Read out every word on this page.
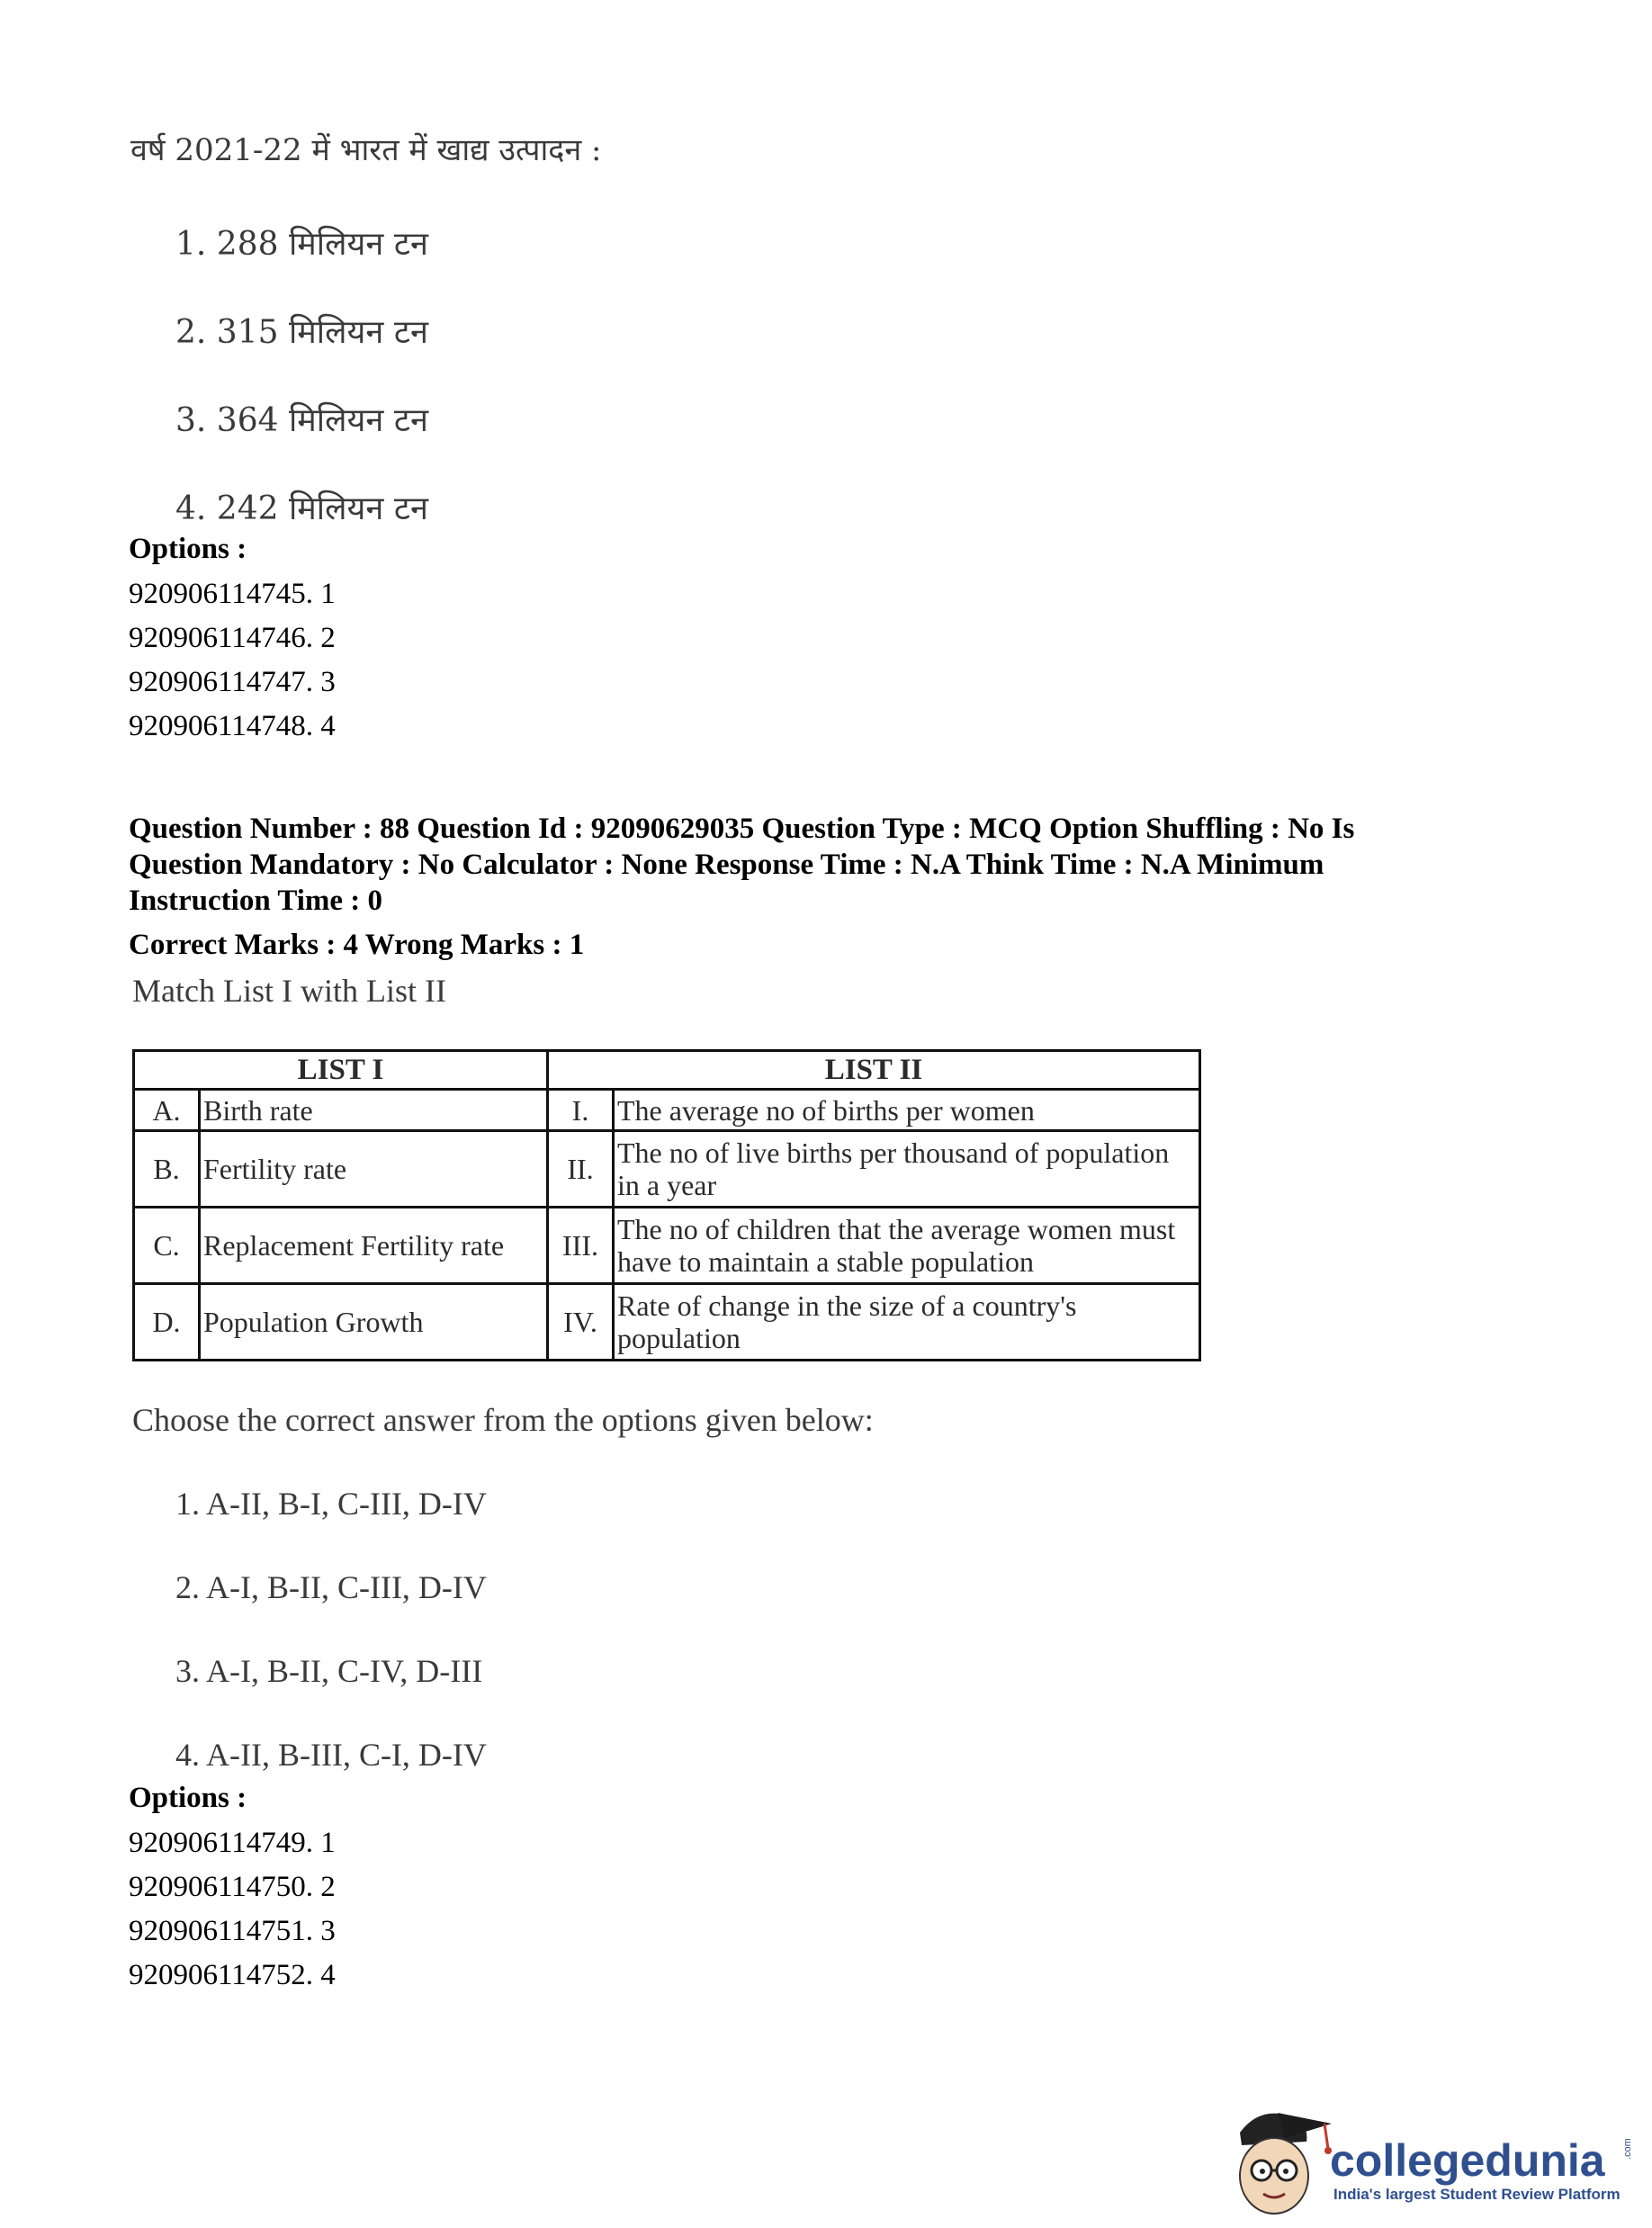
वर्ष 2021-22 में भारत में खाद्य उत्पादन :
1. 288 मिलियन टन
2. 315 मिलियन टन
3. 364 मिलियन टन
4. 242 मिलियन टन
Options :
920906114745. 1
920906114746. 2
920906114747. 3
920906114748. 4
Question Number : 88 Question Id : 92090629035 Question Type : MCQ Option Shuffling : No Is
Question Mandatory : No Calculator : None Response Time : N.A Think Time : N.A Minimum
Instruction Time : 0
Correct Marks : 4 Wrong Marks : 1
Match List I with List II
LIST I		LIST II	
A.	Birth rate	I.	The average no of births per women
B.	Fertility rate	II.	The no of live births per thousand of population in a year
C.	Replacement Fertility rate	III.	The no of children that the average women must have to maintain a stable population
D.	Population Growth	IV.	Rate of change in the size of a country's population
Choose the correct answer from the options given below:
1. A-II, B-I, C-III, D-IV
2. A-I, B-II, C-III, D-IV
3. A-I, B-II, C-IV, D-III
4. A-II, B-III, C-I, D-IV
Options :
920906114749. 1
920906114750. 2
920906114751. 3
920906114752. 4
collegedunia .com
India's largest Student Review Platform
